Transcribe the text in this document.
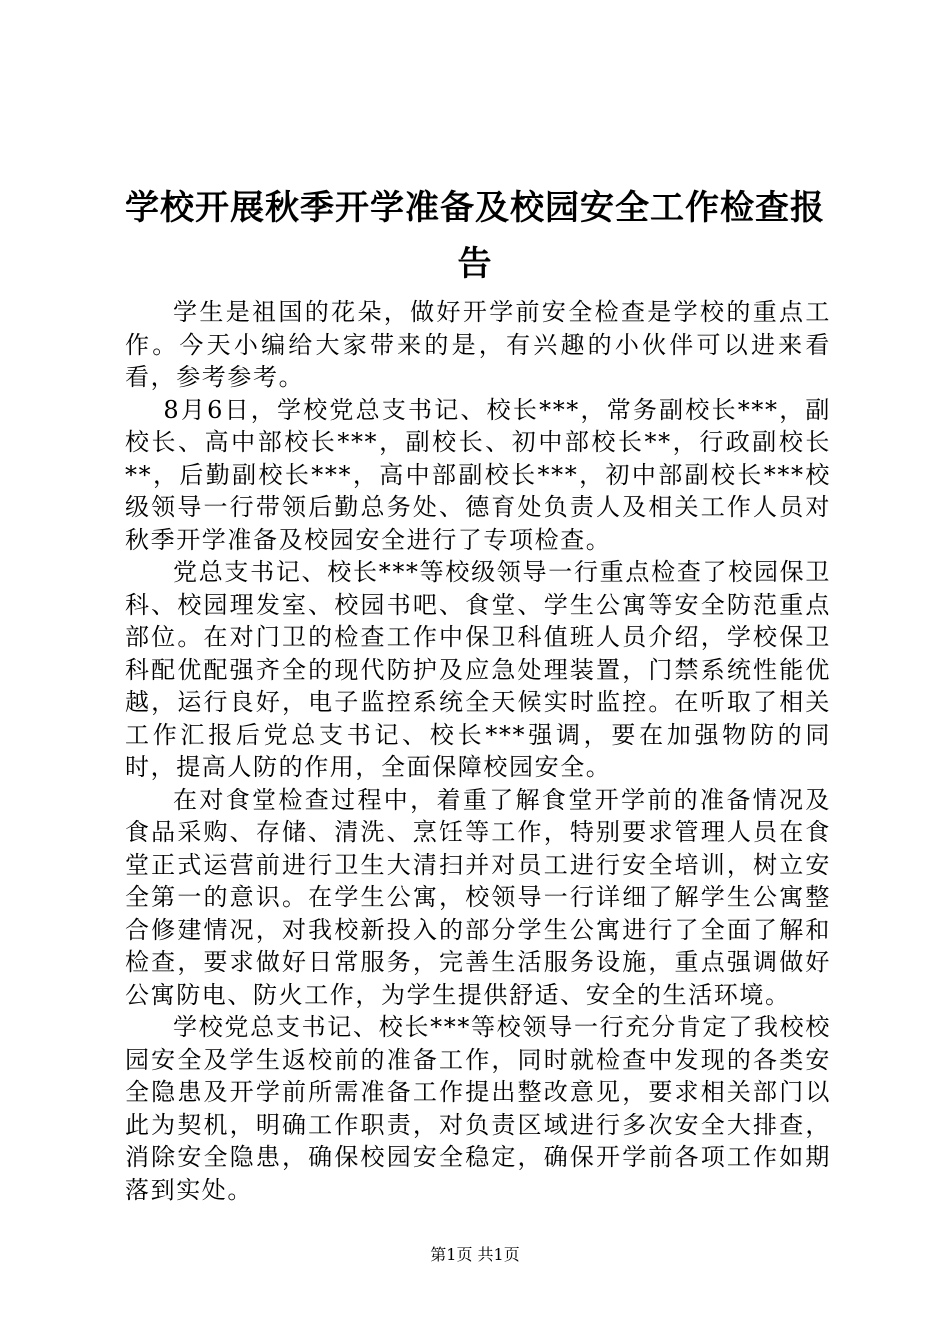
学校开展秋季开学准备及校园安全工作检查报告

学生是祖国的花朵，做好开学前安全检查是学校的重点工作。今天小编给大家带来的是，有兴趣的小伙伴可以进来看看，参考参考。

8月6日，学校党总支书记、校长***，常务副校长***，副校长、高中部校长***，副校长、初中部校长**，行政副校长**，后勤副校长***，高中部副校长***，初中部副校长***校级领导一行带领后勤总务处、德育处负责人及相关工作人员对秋季开学准备及校园安全进行了专项检查。

党总支书记、校长***等校级领导一行重点检查了校园保卫科、校园理发室、校园书吧、食堂、学生公寓等安全防范重点部位。在对门卫的检查工作中保卫科值班人员介绍，学校保卫科配优配强齐全的现代防护及应急处理装置，门禁系统性能优越，运行良好，电子监控系统全天候实时监控。在听取了相关工作汇报后党总支书记、校长***强调，要在加强物防的同时，提高人防的作用，全面保障校园安全。

在对食堂检查过程中，着重了解食堂开学前的准备情况及食品采购、存储、清洗、烹饪等工作，特别要求管理人员在食堂正式运营前进行卫生大清扫并对员工进行安全培训，树立安全第一的意识。在学生公寓，校领导一行详细了解学生公寓整合修建情况，对我校新投入的部分学生公寓进行了全面了解和检查，要求做好日常服务，完善生活服务设施，重点强调做好公寓防电、防火工作，为学生提供舒适、安全的生活环境。

学校党总支书记、校长***等校领导一行充分肯定了我校校园安全及学生返校前的准备工作，同时就检查中发现的各类安全隐患及开学前所需准备工作提出整改意见，要求相关部门以此为契机，明确工作职责，对负责区域进行多次安全大排查，消除安全隐患，确保校园安全稳定，确保开学前各项工作如期落到实处。

第1页 共1页
